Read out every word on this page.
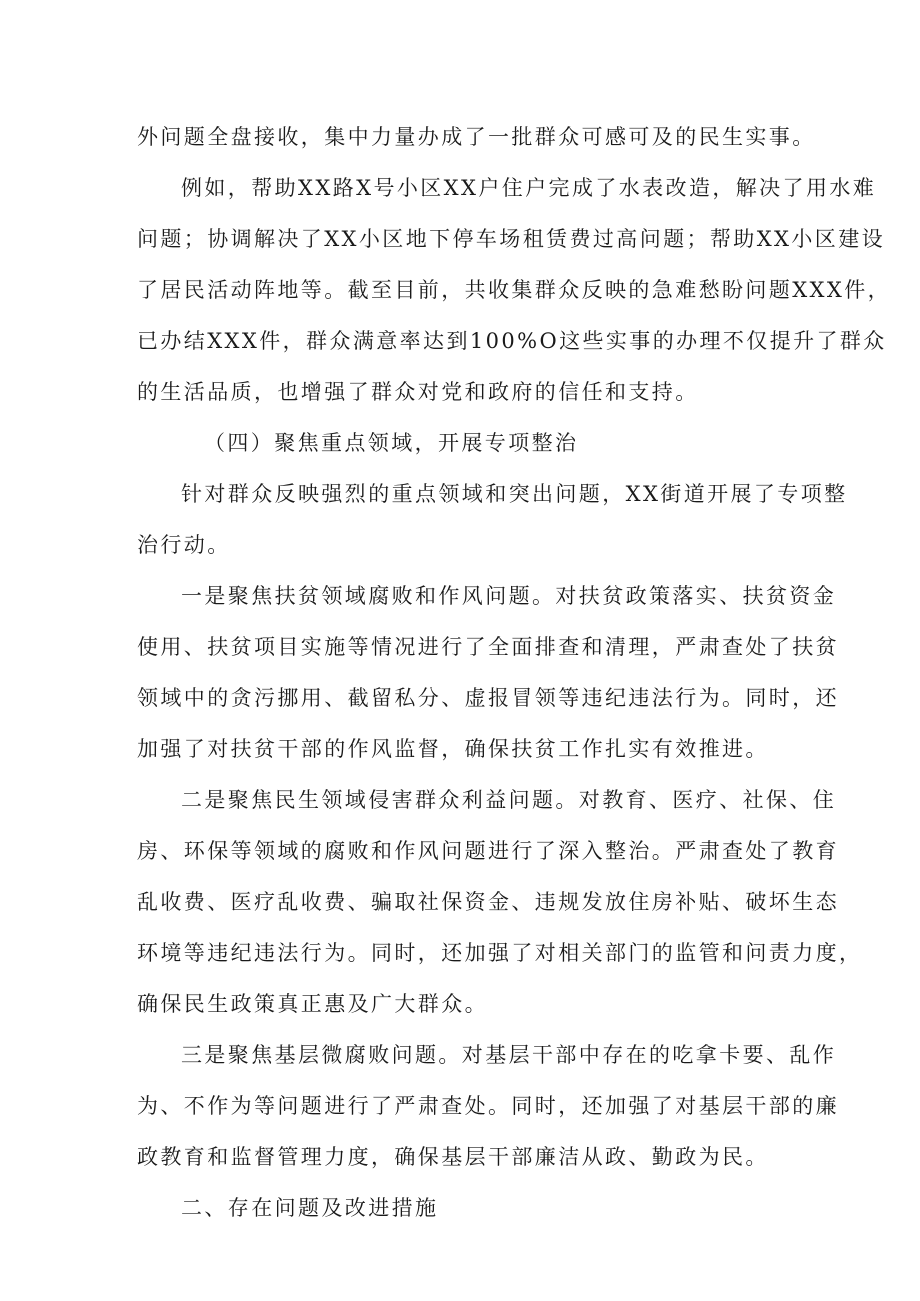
外问题全盘接收，集中力量办成了一批群众可感可及的民生实事。
例如，帮助XX路X号小区XX户住户完成了水表改造，解决了用水难
问题；协调解决了XX小区地下停车场租赁费过高问题；帮助XX小区建设
了居民活动阵地等。截至目前，共收集群众反映的急难愁盼问题XXX件，
已办结XXX件，群众满意率达到100%O这些实事的办理不仅提升了群众
的生活品质，也增强了群众对党和政府的信任和支持。
（四）聚焦重点领域，开展专项整治
针对群众反映强烈的重点领域和突出问题，XX街道开展了专项整
治行动。
一是聚焦扶贫领域腐败和作风问题。对扶贫政策落实、扶贫资金
使用、扶贫项目实施等情况进行了全面排查和清理，严肃查处了扶贫
领域中的贪污挪用、截留私分、虚报冒领等违纪违法行为。同时，还
加强了对扶贫干部的作风监督，确保扶贫工作扎实有效推进。
二是聚焦民生领域侵害群众利益问题。对教育、医疗、社保、住
房、环保等领域的腐败和作风问题进行了深入整治。严肃查处了教育
乱收费、医疗乱收费、骗取社保资金、违规发放住房补贴、破坏生态
环境等违纪违法行为。同时，还加强了对相关部门的监管和问责力度，
确保民生政策真正惠及广大群众。
三是聚焦基层微腐败问题。对基层干部中存在的吃拿卡要、乱作
为、不作为等问题进行了严肃查处。同时，还加强了对基层干部的廉
政教育和监督管理力度，确保基层干部廉洁从政、勤政为民。
二、存在问题及改进措施
